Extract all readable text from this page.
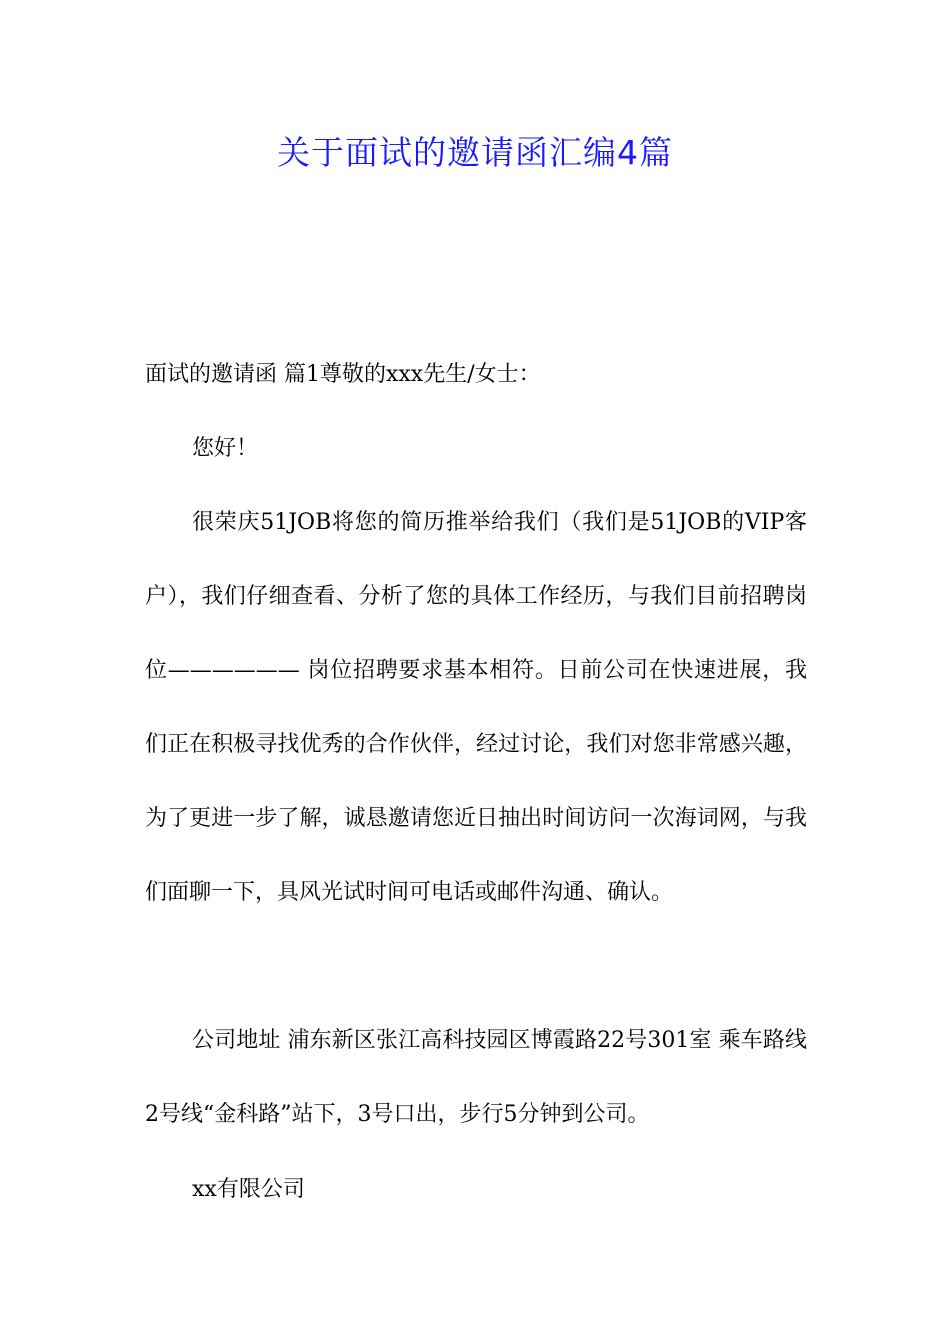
关于面试的邀请函汇编4篇

面试的邀请函 篇1尊敬的xxx先生/女士：

您好！

很荣庆51JOB将您的简历推举给我们（我们是51JOB的VIP客户），我们仔细查看、分析了您的具体工作经历，与我们目前招聘岗位—————— 岗位招聘要求基本相符。日前公司在快速进展，我们正在积极寻找优秀的合作伙伴，经过讨论，我们对您非常感兴趣，为了更进一步了解，诚恳邀请您近日抽出时间访问一次海词网，与我们面聊一下，具风光试时间可电话或邮件沟通、确认。

公司地址 浦东新区张江高科技园区博霞路22号301室 乘车路线 2号线“金科路”站下，3号口出，步行5分钟到公司。

xx有限公司
